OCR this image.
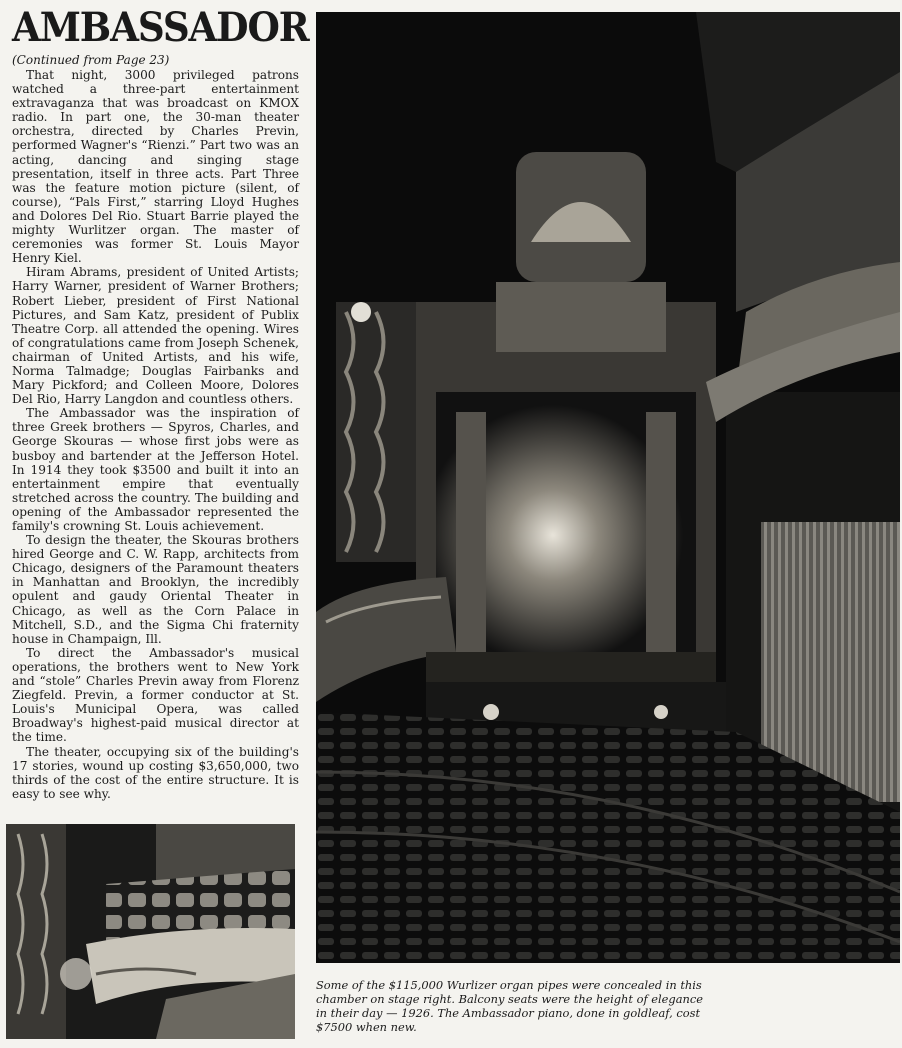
AMBASSADOR
(Continued from Page 23)

That night, 3000 privileged patrons watched a three-part entertainment extravaganza that was broadcast on KMOX radio. In part one, the 30-man theater orchestra, directed by Charles Previn, performed Wagner's “Rienzi.” Part two was an acting, dancing and singing stage presentation, itself in three acts. Part Three was the feature motion picture (silent, of course), “Pals First,” starring Lloyd Hughes and Dolores Del Rio. Stuart Barrie played the mighty Wurlitzer organ. The master of ceremonies was former St. Louis Mayor Henry Kiel.

Hiram Abrams, president of United Artists; Harry Warner, president of Warner Brothers; Robert Lieber, president of First National Pictures, and Sam Katz, president of Publix Theatre Corp. all attended the opening. Wires of congratulations came from Joseph Schenek, chairman of United Artists, and his wife, Norma Talmadge; Douglas Fairbanks and Mary Pickford; and Colleen Moore, Dolores Del Rio, Harry Langdon and countless others.

The Ambassador was the inspiration of three Greek brothers — Spyros, Charles, and George Skouras — whose first jobs were as busboy and bartender at the Jefferson Hotel. In 1914 they took $3500 and built it into an entertainment empire that eventually stretched across the country. The building and opening of the Ambassador represented the family's crowning St. Louis achievement.

To design the theater, the Skouras brothers hired George and C. W. Rapp, architects from Chicago, designers of the Paramount theaters in Manhattan and Brooklyn, the incredibly opulent and gaudy Oriental Theater in Chicago, as well as the Corn Palace in Mitchell, S.D., and the Sigma Chi fraternity house in Champaign, Ill.

To direct the Ambassador's musical operations, the brothers went to New York and “stole” Charles Previn away from Florenz Ziegfeld. Previn, a former conductor at St. Louis's Municipal Opera, was called Broadway's highest-paid musical director at the time.

The theater, occupying six of the building's 17 stories, wound up costing $3,650,000, two thirds of the cost of the entire structure. It is easy to see why.

Some of the $115,000 Wurlizer organ pipes were concealed in this chamber on stage right. Balcony seats were the height of elegance in their day — 1926. The Ambassador piano, done in goldleaf, cost $7500 when new.
